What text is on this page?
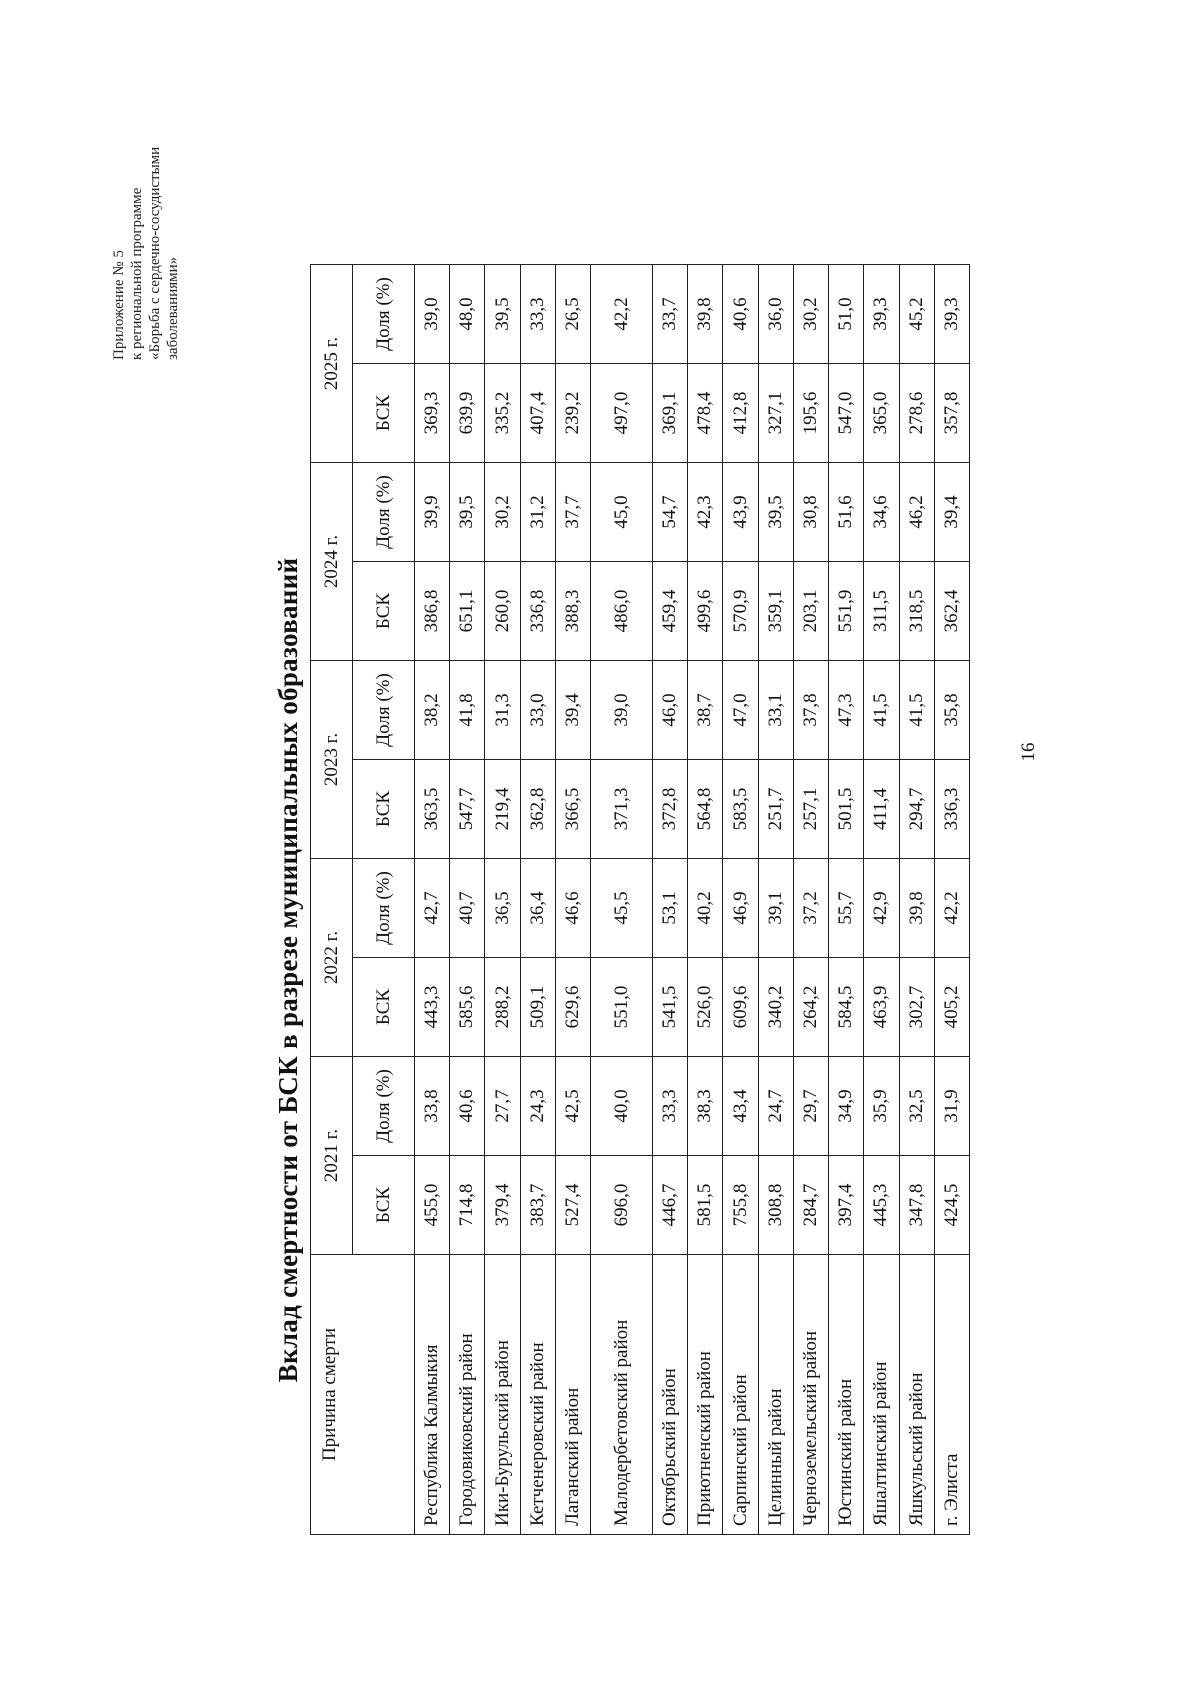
Приложение № 5 к региональной программе «Борьба с сердечно-сосудистыми заболеваниями»
Вклад смертности от БСК в разрезе муниципальных образований
Причина смерти	2021 г.		2022 г.		2023 г.		2024 г.		2025 г.	
	БСК	Доля (%)	БСК	Доля (%)	БСК	Доля (%)	БСК	Доля (%)	БСК	Доля (%)
Республика Калмыкия	455,0	33,8	443,3	42,7	363,5	38,2	386,8	39,9	369,3	39,0
Городовиковский район	714,8	40,6	585,6	40,7	547,7	41,8	651,1	39,5	639,9	48,0
Ики-Бурульский район	379,4	27,7	288,2	36,5	219,4	31,3	260,0	30,2	335,2	39,5
Кетченеровский район	383,7	24,3	509,1	36,4	362,8	33,0	336,8	31,2	407,4	33,3
Лаганский район	527,4	42,5	629,6	46,6	366,5	39,4	388,3	37,7	239,2	26,5
Малодербетовский район	696,0	40,0	551,0	45,5	371,3	39,0	486,0	45,0	497,0	42,2
Октябрьский район	446,7	33,3	541,5	53,1	372,8	46,0	459,4	54,7	369,1	33,7
Приютненский район	581,5	38,3	526,0	40,2	564,8	38,7	499,6	42,3	478,4	39,8
Сарпинский район	755,8	43,4	609,6	46,9	583,5	47,0	570,9	43,9	412,8	40,6
Целинный район	308,8	24,7	340,2	39,1	251,7	33,1	359,1	39,5	327,1	36,0
Черноземельский район	284,7	29,7	264,2	37,2	257,1	37,8	203,1	30,8	195,6	30,2
Юстинский район	397,4	34,9	584,5	55,7	501,5	47,3	551,9	51,6	547,0	51,0
Яшалтинский район	445,3	35,9	463,9	42,9	411,4	41,5	311,5	34,6	365,0	39,3
Яшкульский район	347,8	32,5	302,7	39,8	294,7	41,5	318,5	46,2	278,6	45,2
г. Элиста	424,5	31,9	405,2	42,2	336,3	35,8	362,4	39,4	357,8	39,3
16
